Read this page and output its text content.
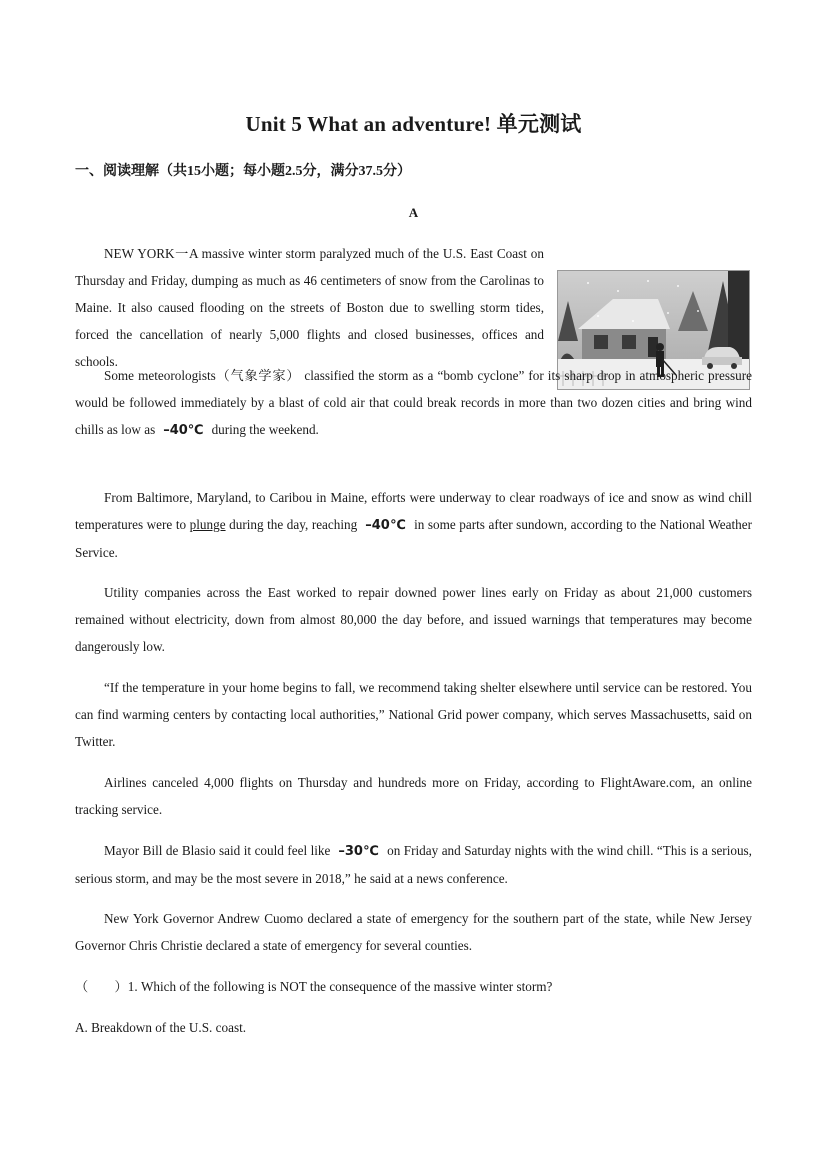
Unit 5 What an adventure! 单元测试
一、阅读理解（共15小题；每小题2.5分，满分37.5分）
A

NEW YORK一A massive winter storm paralyzed much of the U.S. East Coast on Thursday and Friday, dumping as much as 46 centimeters of snow from the Carolinas to Maine. It also caused flooding on the streets of Boston due to swelling storm tides, forced the cancellation of nearly 5,000 flights and closed businesses, offices and schools.

Some meteorologists（气象学家） classified the storm as a “bomb cyclone” for its sharp drop in atmospheric pressure would be followed immediately by a blast of cold air that could break records in more than two dozen cities and bring wind chills as low as –40℃ during the weekend.

From Baltimore, Maryland, to Caribou in Maine, efforts were underway to clear roadways of ice and snow as wind chill temperatures were to plunge during the day, reaching –40℃ in some parts after sundown, according to the National Weather Service.

Utility companies across the East worked to repair downed power lines early on Friday as about 21,000 customers remained without electricity, down from almost 80,000 the day before, and issued warnings that temperatures may become dangerously low.

“If the temperature in your home begins to fall, we recommend taking shelter elsewhere until service can be restored. You can find warming centers by contacting local authorities,” National Grid power company, which serves Massachusetts, said on Twitter.

Airlines canceled 4,000 flights on Thursday and hundreds more on Friday, according to FlightAware.com, an online tracking service.

Mayor Bill de Blasio said it could feel like –30℃ on Friday and Saturday nights with the wind chill. “This is a serious, serious storm, and may be the most severe in 2018,” he said at a news conference.

New York Governor Andrew Cuomo declared a state of emergency for the southern part of the state, while New Jersey Governor Chris Christie declared a state of emergency for several counties.

（　　）1. Which of the following is NOT the consequence of the massive winter storm?

A. Breakdown of the U.S. coast.
